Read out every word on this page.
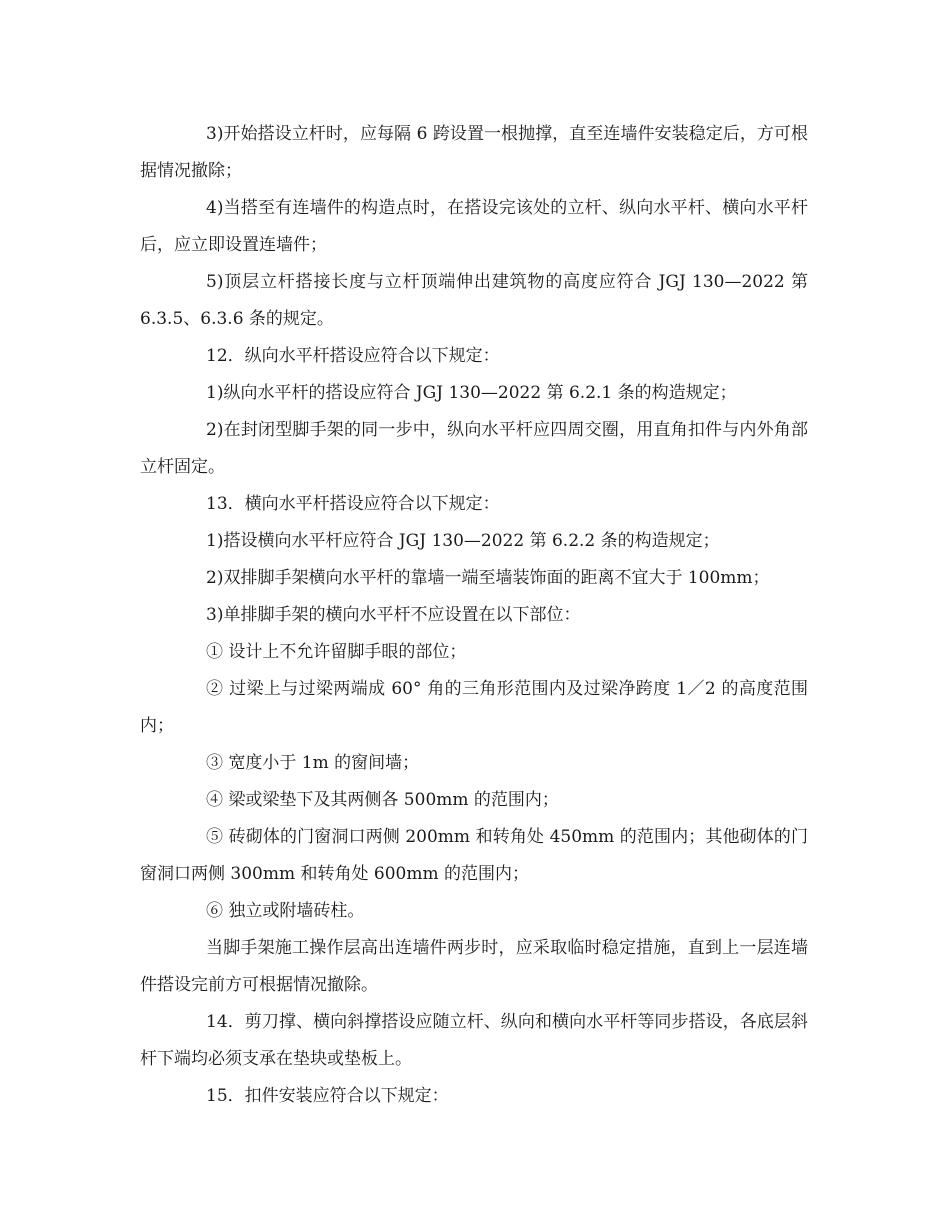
3)开始搭设立杆时，应每隔 6 跨设置一根抛撑，直至连墙件安装稳定后，方可根据情况撤除；

4)当搭至有连墙件的构造点时，在搭设完该处的立杆、纵向水平杆、横向水平杆后，应立即设置连墙件；

5)顶层立杆搭接长度与立杆顶端伸出建筑物的高度应符合 JGJ 130—2022 第 6.3.5、6.3.6 条的规定。

12．纵向水平杆搭设应符合以下规定：

1)纵向水平杆的搭设应符合 JGJ 130—2022 第 6.2.1 条的构造规定；

2)在封闭型脚手架的同一步中，纵向水平杆应四周交圈，用直角扣件与内外角部立杆固定。

13．横向水平杆搭设应符合以下规定：

1)搭设横向水平杆应符合 JGJ 130—2022 第 6.2.2 条的构造规定；

2)双排脚手架横向水平杆的靠墙一端至墙装饰面的距离不宜大于 100mm；

3)单排脚手架的横向水平杆不应设置在以下部位：

① 设计上不允许留脚手眼的部位；

② 过梁上与过梁两端成 60° 角的三角形范围内及过梁净跨度 1／2 的高度范围内；

③ 宽度小于 1m 的窗间墙；

④ 梁或梁垫下及其两侧各 500mm 的范围内；

⑤ 砖砌体的门窗洞口两侧 200mm 和转角处 450mm 的范围内；其他砌体的门窗洞口两侧 300mm 和转角处 600mm 的范围内；

⑥ 独立或附墙砖柱。

当脚手架施工操作层高出连墙件两步时，应采取临时稳定措施，直到上一层连墙件搭设完前方可根据情况撤除。

14．剪刀撑、横向斜撑搭设应随立杆、纵向和横向水平杆等同步搭设，各底层斜杆下端均必须支承在垫块或垫板上。

15．扣件安装应符合以下规定：
